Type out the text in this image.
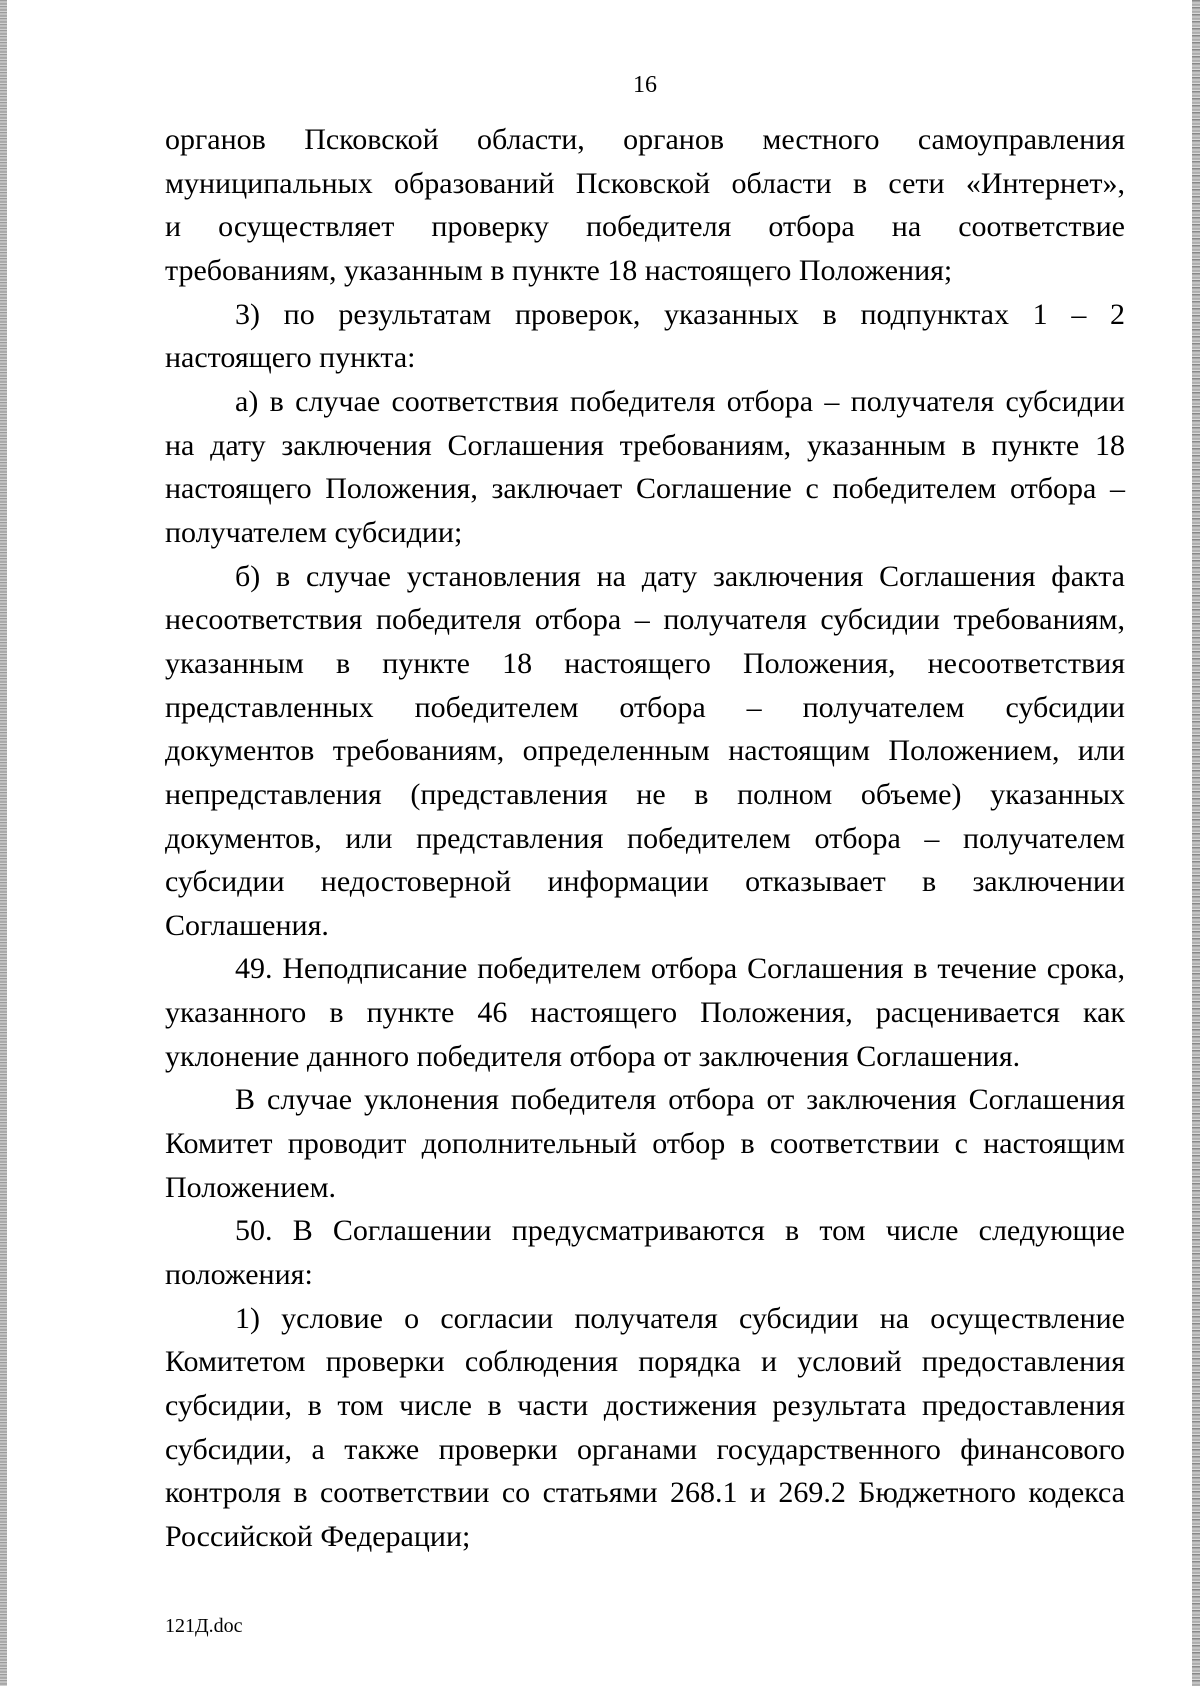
16
органов Псковской области, органов местного самоуправления
муниципальных образований Псковской области в сети «Интернет»,
и осуществляет проверку победителя отбора на соответствие
требованиям, указанным в пункте 18 настоящего Положения;
3) по результатам проверок, указанных в подпунктах 1 – 2
настоящего пункта:
а) в случае соответствия победителя отбора – получателя субсидии
на дату заключения Соглашения требованиям, указанным в пункте 18
настоящего Положения, заключает Соглашение с победителем отбора –
получателем субсидии;
б) в случае установления на дату заключения Соглашения факта
несоответствия победителя отбора – получателя субсидии требованиям,
указанным в пункте 18 настоящего Положения, несоответствия
представленных победителем отбора – получателем субсидии
документов требованиям, определенным настоящим Положением, или
непредставления (представления не в полном объеме) указанных
документов, или представления победителем отбора – получателем
субсидии недостоверной информации отказывает в заключении
Соглашения.
49. Неподписание победителем отбора Соглашения в течение срока,
указанного в пункте 46 настоящего Положения, расценивается как
уклонение данного победителя отбора от заключения Соглашения.
В случае уклонения победителя отбора от заключения Соглашения
Комитет проводит дополнительный отбор в соответствии с настоящим
Положением.
50. В Соглашении предусматриваются в том числе следующие
положения:
1) условие о согласии получателя субсидии на осуществление
Комитетом проверки соблюдения порядка и условий предоставления
субсидии, в том числе в части достижения результата предоставления
субсидии, а также проверки органами государственного финансового
контроля в соответствии со статьями 268.1 и 269.2 Бюджетного кодекса
Российской Федерации;
121Д.doc
